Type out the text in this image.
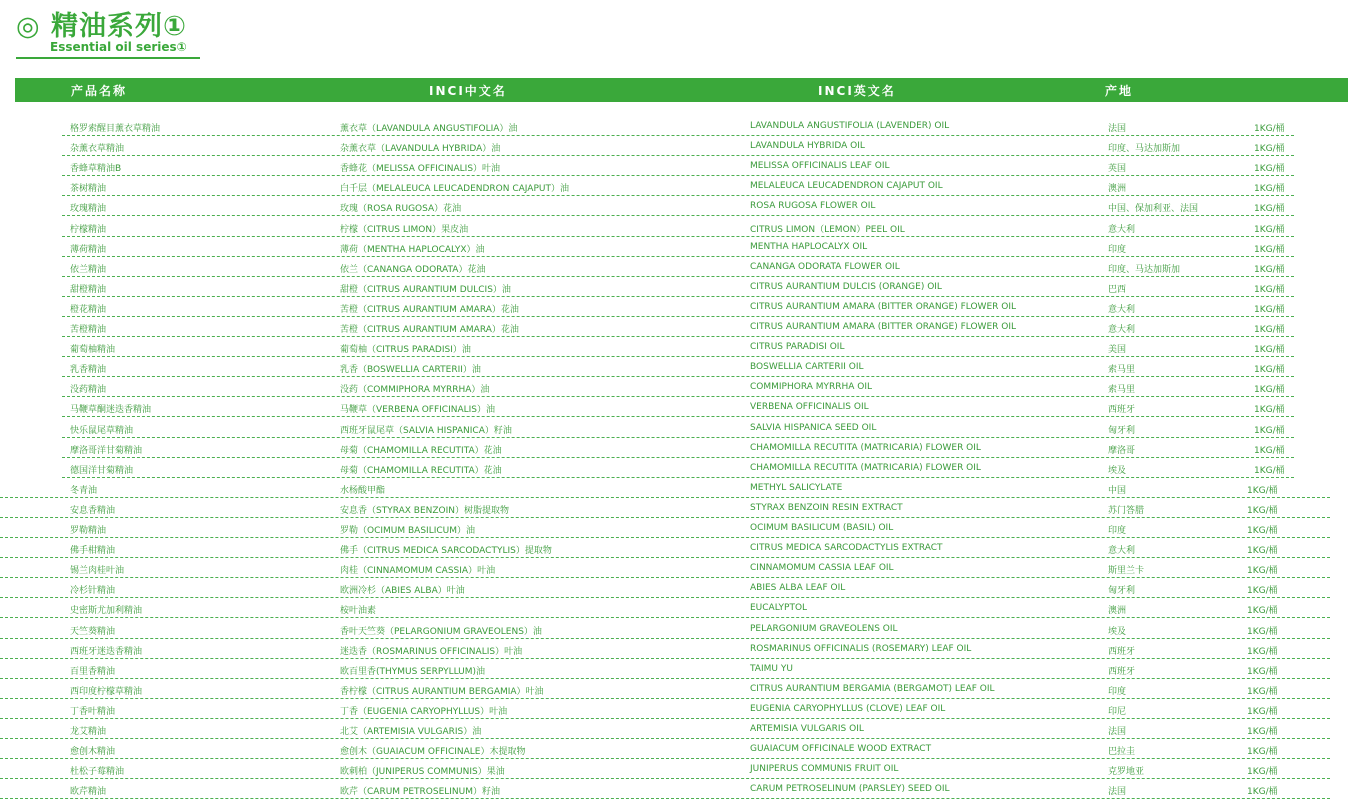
◎ 精油系列①
Essential oil series①
产品名称	INCI中文名	INCI英文名	产地
格罗索醒目薰衣草精油	薰衣草（LAVANDULA ANGUSTIFOLIA）油	LAVANDULA ANGUSTIFOLIA (LAVENDER) OIL	法国	1KG/桶
杂薰衣草精油	杂薰衣草（LAVANDULA HYBRIDA）油	LAVANDULA HYBRIDA OIL	印度、马达加斯加	1KG/桶
香蜂草精油B	香蜂花（MELISSA OFFICINALIS）叶油	MELISSA OFFICINALIS LEAF OIL	英国	1KG/桶
茶树精油	白千层（MELALEUCA LEUCADENDRON CAJAPUT）油	MELALEUCA LEUCADENDRON CAJAPUT OIL	澳洲	1KG/桶
玫瑰精油	玫瑰（ROSA RUGOSA）花油	ROSA RUGOSA FLOWER OIL	中国、保加利亚、法国	1KG/桶
柠檬精油	柠檬（CITRUS LIMON）果皮油	CITRUS LIMON（LEMON）PEEL OIL	意大利	1KG/桶
薄荷精油	薄荷（MENTHA HAPLOCALYX）油	MENTHA HAPLOCALYX OIL	印度	1KG/桶
依兰精油	依兰（CANANGA ODORATA）花油	CANANGA ODORATA FLOWER OIL	印度、马达加斯加	1KG/桶
甜橙精油	甜橙（CITRUS AURANTIUM DULCIS）油	CITRUS AURANTIUM DULCIS (ORANGE) OIL	巴西	1KG/桶
橙花精油	苦橙（CITRUS AURANTIUM AMARA）花油	CITRUS AURANTIUM AMARA (BITTER ORANGE) FLOWER OIL	意大利	1KG/桶
苦橙精油	苦橙（CITRUS AURANTIUM AMARA）花油	CITRUS AURANTIUM AMARA (BITTER ORANGE) FLOWER OIL	意大利	1KG/桶
葡萄柚精油	葡萄柚（CITRUS PARADISI）油	CITRUS PARADISI OIL	美国	1KG/桶
乳香精油	乳香（BOSWELLIA CARTERII）油	BOSWELLIA CARTERII OIL	索马里	1KG/桶
没药精油	没药（COMMIPHORA MYRRHA）油	COMMIPHORA MYRRHA OIL	索马里	1KG/桶
马鞭草酮迷迭香精油	马鞭草（VERBENA OFFICINALIS）油	VERBENA OFFICINALIS OIL	西班牙	1KG/桶
快乐鼠尾草精油	西班牙鼠尾草（SALVIA HISPANICA）籽油	SALVIA HISPANICA SEED OIL	匈牙利	1KG/桶
摩洛哥洋甘菊精油	母菊（CHAMOMILLA RECUTITA）花油	CHAMOMILLA RECUTITA (MATRICARIA) FLOWER OIL	摩洛哥	1KG/桶
德国洋甘菊精油	母菊（CHAMOMILLA RECUTITA）花油	CHAMOMILLA RECUTITA (MATRICARIA) FLOWER OIL	埃及	1KG/桶
冬青油	水杨酸甲酯	METHYL SALICYLATE	中国	1KG/桶
安息香精油	安息香（STYRAX BENZOIN）树脂提取物	STYRAX BENZOIN RESIN EXTRACT	苏门答腊	1KG/桶
罗勒精油	罗勒（OCIMUM BASILICUM）油	OCIMUM BASILICUM (BASIL) OIL	印度	1KG/桶
佛手柑精油	佛手（CITRUS MEDICA SARCODACTYLIS）提取物	CITRUS MEDICA SARCODACTYLIS EXTRACT	意大利	1KG/桶
锡兰肉桂叶油	肉桂（CINNAMOMUM CASSIA）叶油	CINNAMOMUM CASSIA LEAF OIL	斯里兰卡	1KG/桶
冷杉针精油	欧洲冷杉（ABIES ALBA）叶油	ABIES ALBA LEAF OIL	匈牙利	1KG/桶
史密斯尤加利精油	桉叶油素	EUCALYPTOL	澳洲	1KG/桶
天竺葵精油	香叶天竺葵（PELARGONIUM GRAVEOLENS）油	PELARGONIUM GRAVEOLENS OIL	埃及	1KG/桶
西班牙迷迭香精油	迷迭香（ROSMARINUS OFFICINALIS）叶油	ROSMARINUS OFFICINALIS (ROSEMARY) LEAF OIL	西班牙	1KG/桶
百里香精油	欧百里香(THYMUS SERPYLLUM)油	TAIMU YU	西班牙	1KG/桶
西印度柠檬草精油	香柠檬（CITRUS AURANTIUM BERGAMIA）叶油	CITRUS AURANTIUM BERGAMIA (BERGAMOT) LEAF OIL	印度	1KG/桶
丁香叶精油	丁香（EUGENIA CARYOPHYLLUS）叶油	EUGENIA CARYOPHYLLUS (CLOVE) LEAF OIL	印尼	1KG/桶
龙艾精油	北艾（ARTEMISIA VULGARIS）油	ARTEMISIA VULGARIS OIL	法国	1KG/桶
愈创木精油	愈创木（GUAIACUM OFFICINALE）木提取物	GUAIACUM OFFICINALE WOOD EXTRACT	巴拉圭	1KG/桶
杜松子莓精油	欧刺柏（JUNIPERUS COMMUNIS）果油	JUNIPERUS COMMUNIS FRUIT OIL	克罗地亚	1KG/桶
欧芹精油	欧芹（CARUM PETROSELINUM）籽油	CARUM PETROSELINUM (PARSLEY) SEED OIL	法国	1KG/桶
